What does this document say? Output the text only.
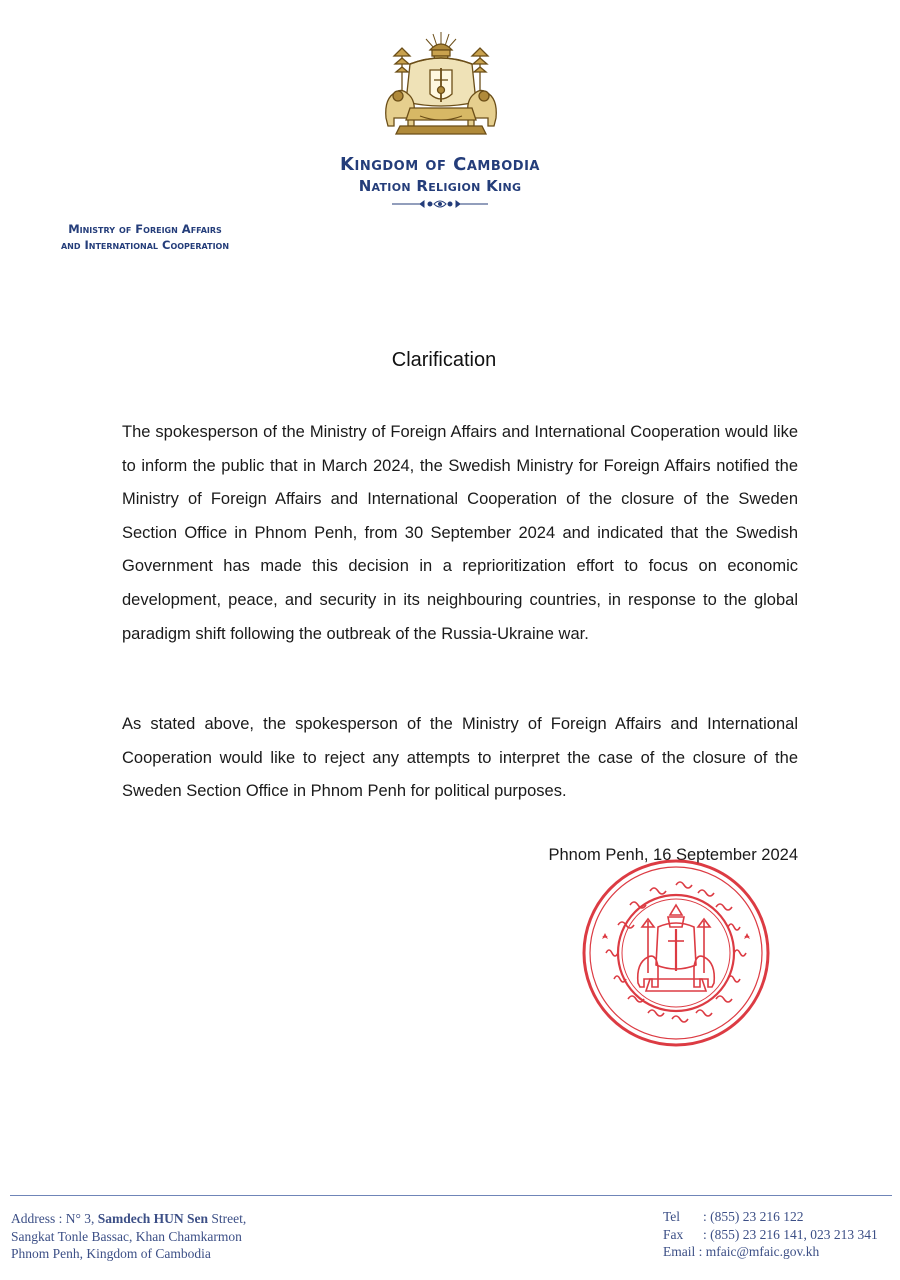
Kingdom of Cambodia
Nation Religion King
Ministry of Foreign Affairs
and International Cooperation
Clarification

The spokesperson of the Ministry of Foreign Affairs and International Cooperation would like to inform the public that in March 2024, the Swedish Ministry for Foreign Affairs notified the Ministry of Foreign Affairs and International Cooperation of the closure of the Sweden Section Office in Phnom Penh, from 30 September 2024 and indicated that the Swedish Government has made this decision in a reprioritization effort to focus on economic development, peace, and security in its neighbouring countries, in response to the global paradigm shift following the outbreak of the Russia-Ukraine war.

As stated above, the spokesperson of the Ministry of Foreign Affairs and International Cooperation would like to reject any attempts to interpret the case of the closure of the Sweden Section Office in Phnom Penh for political purposes.

Phnom Penh, 16 September 2024
Address : N° 3, Samdech HUN Sen Street,
Sangkat Tonle Bassac, Khan Chamkarmon
Phnom Penh, Kingdom of Cambodia
Tel : (855) 23 216 122
Fax : (855) 23 216 141, 023 213 341
Email : mfaic@mfaic.gov.kh
